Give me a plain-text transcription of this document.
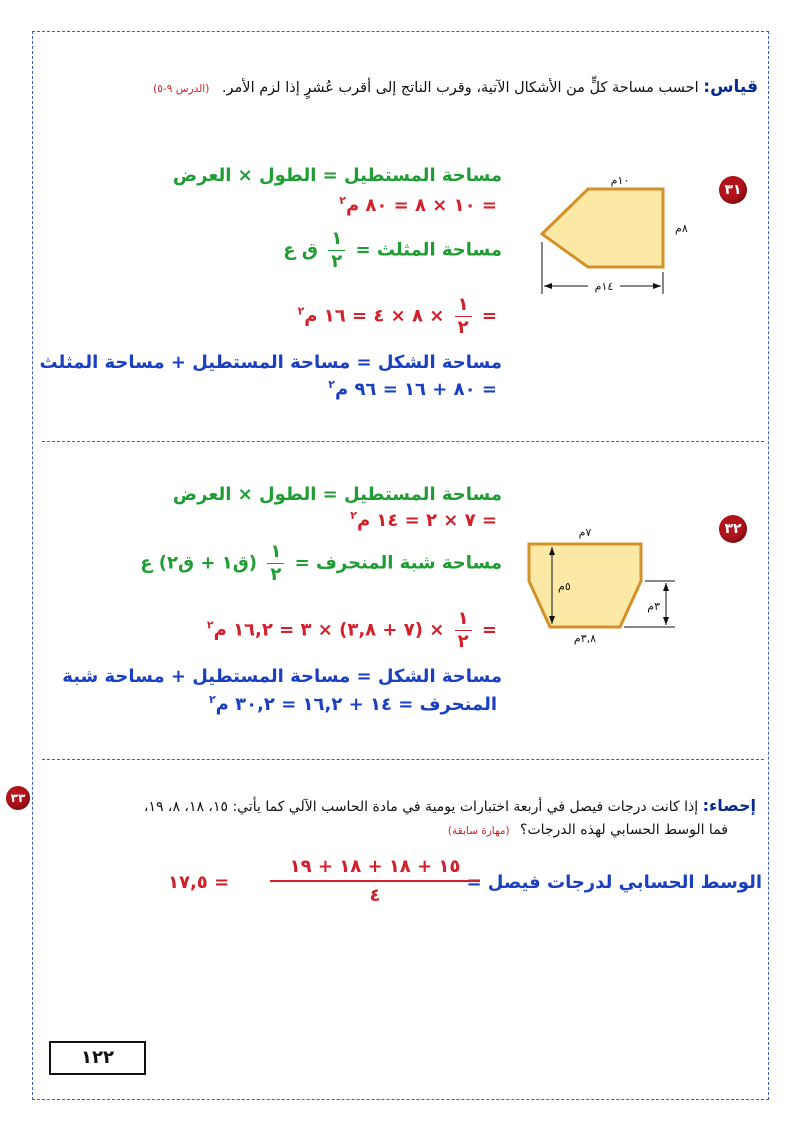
قياس: احسب مساحة كلٍّ من الأشكال الآتية، وقرب الناتج إلى أقرب عُشرٍ إذا لزم الأمر. (الدرس ٩-٥)
٣١
١٠م
٨م
١٤م
مساحة المستطيل = الطول × العرض
= ١٠ × ٨ = ٨٠ م$^٢$
مساحة المثلث =
$\frac{١}{٢}$
ق ع
=
$\frac{١}{٢}$
× ٨ × ٤ = ١٦ م$^٢$
مساحة الشكل = مساحة المستطيل + مساحة المثلث
= ٨٠ + ١٦ = ٩٦ م$^٢$
٣٢
٧م
٥م
٣م
٣,٨م
مساحة المستطيل = الطول × العرض
= ٧ × ٢ = ١٤ م$^٢$
مساحة شبة المنحرف =
$\frac{١}{٢}$
(ق١ + ق٢) ع
=
$\frac{١}{٢}$
× (٧ + ٣,٨) × ٣ = ١٦,٢ م$^٢$
مساحة الشكل = مساحة المستطيل + مساحة شبة
المنحرف = ١٤ + ١٦,٢ = ٣٠,٢ م$^٢$
٣٣	إحصاء: إذا كانت درجات فيصل في أربعة اختبارات يومية في مادة الحاسب الآلي كما يأتي: ١٥، ١٨، ٨، ١٩،
فما الوسط الحسابي لهذه الدرجات؟ (مهارة سابقة)
الوسط الحسابي لدرجات فيصل =
١٥ + ١٨ + ١٨ + ١٩
٤
= ١٧,٥
١٢٢
